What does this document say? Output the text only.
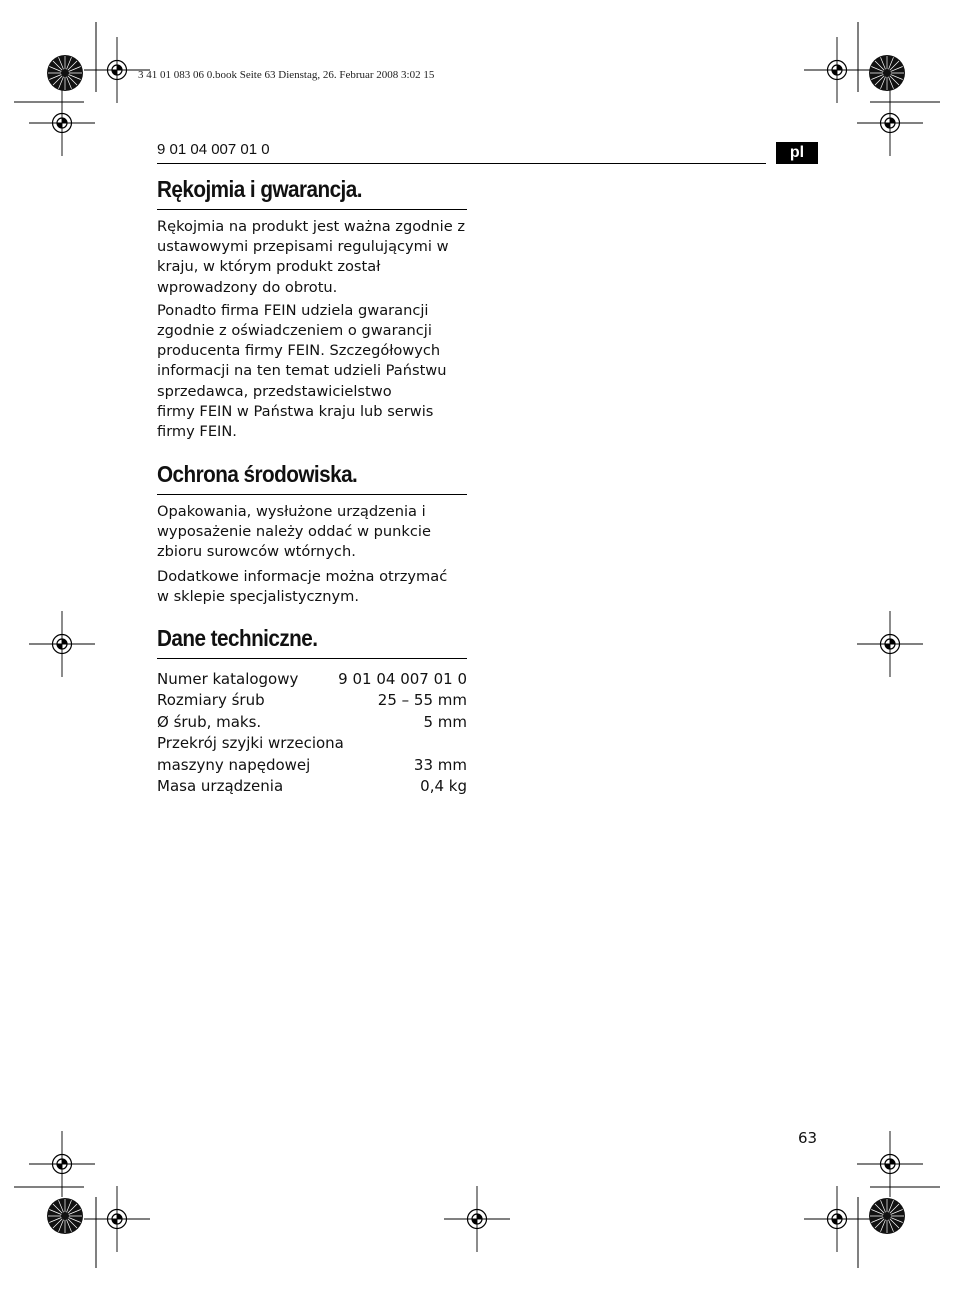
3 41 01 083 06 0.book Seite 63 Dienstag, 26. Februar 2008 3:02 15
9 01 04 007 01 0	pl
Rękojmia i gwarancja.

Rękojmia na produkt jest ważna zgodnie z
ustawowymi przepisami regulującymi w
kraju, w którym produkt został
wprowadzony do obrotu.

Ponadto firma FEIN udziela gwarancji
zgodnie z oświadczeniem o gwarancji
producenta firmy FEIN. Szczegółowych
informacji na ten temat udzieli Państwu
sprzedawca, przedstawicielstwo
firmy FEIN w Państwa kraju lub serwis
firmy FEIN.

Ochrona środowiska.

Opakowania, wysłużone urządzenia i
wyposażenie należy oddać w punkcie
zbioru surowców wtórnych.

Dodatkowe informacje można otrzymać
w sklepie specjalistycznym.

Dane techniczne.
Numer katalogowy	9 01 04 007 01 0
Rozmiary śrub	25 – 55 mm
Ø śrub, maks.	5 mm
Przekrój szyjki wrzeciona
maszyny napędowej	33 mm
Masa urządzenia	0,4 kg
63
